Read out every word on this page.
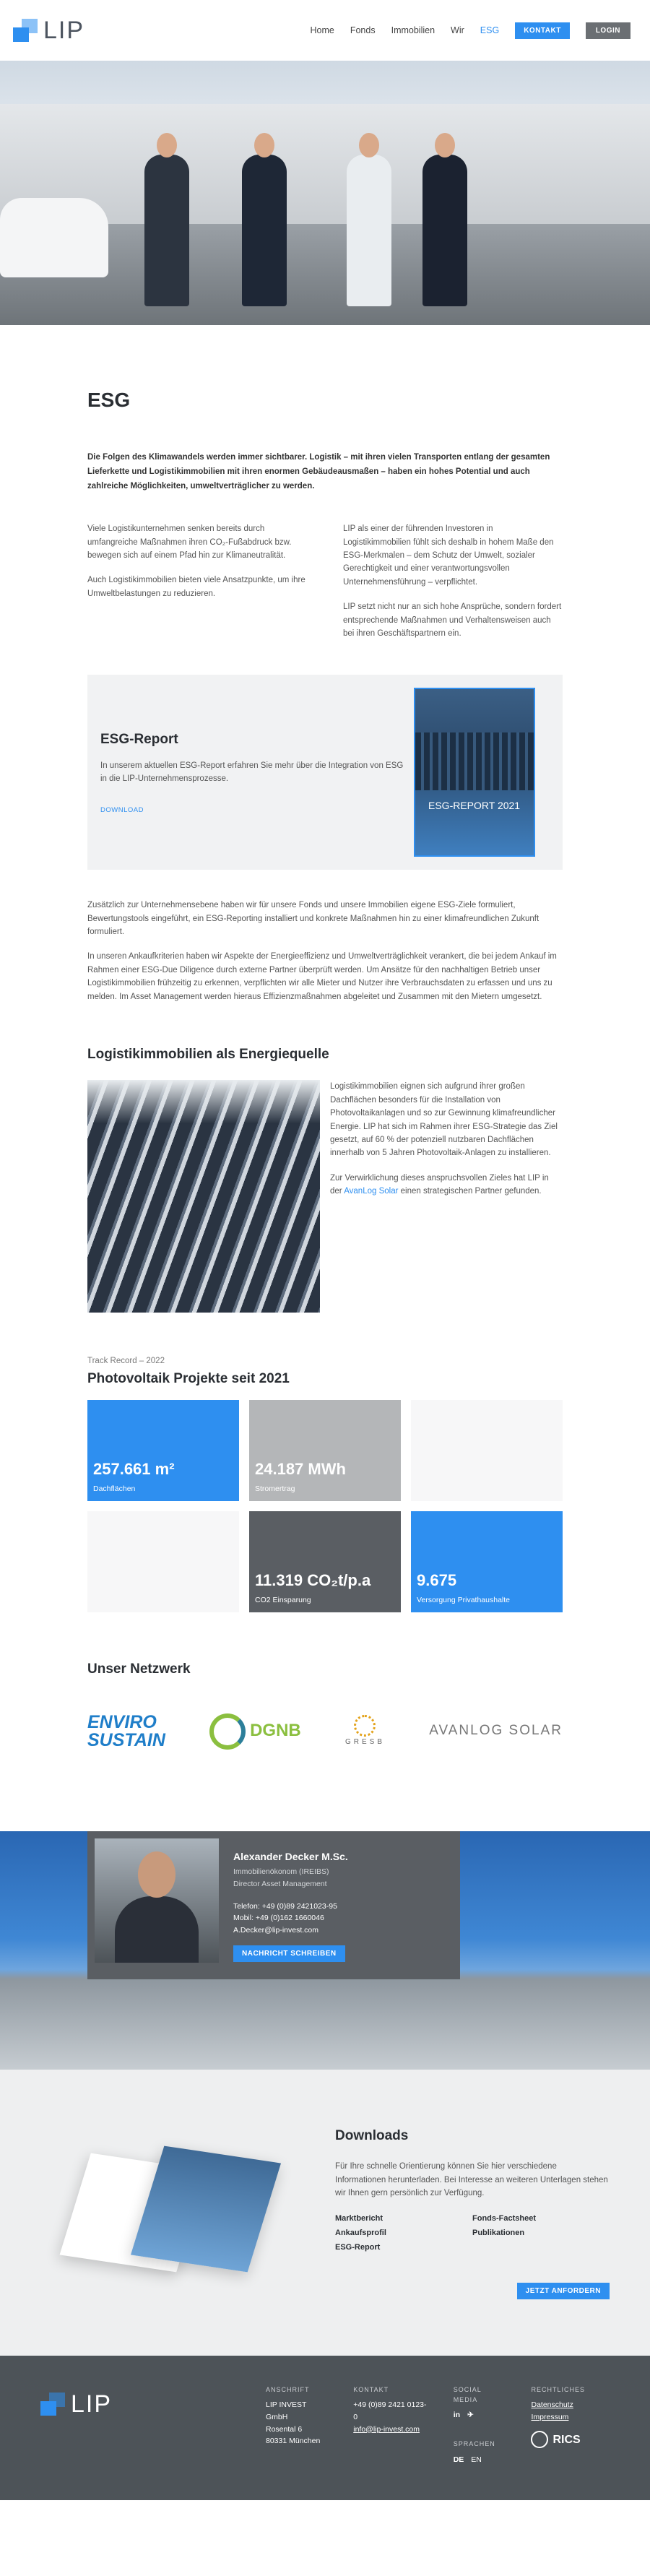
LIP	Home Fonds Immobilien Wir ESG	KONTAKT	LOGIN
ESG

Die Folgen des Klimawandels werden immer sichtbarer. Logistik – mit ihren vielen Transporten entlang der gesamten Lieferkette und Logistikimmobilien mit ihren enormen Gebäudeausmaßen – haben ein hohes Potential und auch zahlreiche Möglichkeiten, umweltverträglicher zu werden.

Viele Logistikunternehmen senken bereits durch umfangreiche Maßnahmen ihren CO₂-Fußabdruck bzw. bewegen sich auf einem Pfad hin zur Klimaneutralität.

Auch Logistikimmobilien bieten viele Ansatzpunkte, um ihre Umweltbelastungen zu reduzieren.

LIP als einer der führenden Investoren in Logistikimmobilien fühlt sich deshalb in hohem Maße den ESG-Merkmalen – dem Schutz der Umwelt, sozialer Gerechtigkeit und einer verantwortungsvollen Unternehmensführung – verpflichtet.

LIP setzt nicht nur an sich hohe Ansprüche, sondern fordert entsprechende Maßnahmen und Verhaltensweisen auch bei ihren Geschäftspartnern ein.

ESG-Report

In unserem aktuellen ESG-Report erfahren Sie mehr über die Integration von ESG in die LIP-Unternehmensprozesse.

DOWNLOAD	ESG-REPORT 2021

Zusätzlich zur Unternehmensebene haben wir für unsere Fonds und unsere Immobilien eigene ESG-Ziele formuliert, Bewertungstools eingeführt, ein ESG-Reporting installiert und konkrete Maßnahmen hin zu einer klimafreundlichen Zukunft formuliert.

In unseren Ankaufkriterien haben wir Aspekte der Energieeffizienz und Umweltverträglichkeit verankert, die bei jedem Ankauf im Rahmen einer ESG-Due Diligence durch externe Partner überprüft werden. Um Ansätze für den nachhaltigen Betrieb unser Logistikimmobilien frühzeitig zu erkennen, verpflichten wir alle Mieter und Nutzer ihre Verbrauchsdaten zu erfassen und uns zu melden. Im Asset Management werden hieraus Effizienzmaßnahmen abgeleitet und Zusammen mit den Mietern umgesetzt.

Logistikimmobilien als Energiequelle

Logistikimmobilien eignen sich aufgrund ihrer großen Dachflächen besonders für die Installation von Photovoltaikanlagen und so zur Gewinnung klimafreundlicher Energie. LIP hat sich im Rahmen ihrer ESG-Strategie das Ziel gesetzt, auf 60 % der potenziell nutzbaren Dachflächen innerhalb von 5 Jahren Photovoltaik-Anlagen zu installieren.

Zur Verwirklichung dieses anspruchsvollen Zieles hat LIP in der AvanLog Solar einen strategischen Partner gefunden.

Track Record – 2022

Photovoltaik Projekte seit 2021
257.661 m²
Dachflächen
24.187 MWh
Stromertrag
11.319 CO₂t/p.a
CO2 Einsparung
9.675
Versorgung Privathaushalte
Unser Netzwerk
ENVIRO
SUSTAIN	DGNB
GRESB
AVANLOG SOLAR
Alexander Decker M.Sc.
Immobilienökonom (IREIBS)
Director Asset Management
Telefon: +49 (0)89 2421023-95
Mobil: +49 (0)162 1660046
A.Decker@lip-invest.com
NACHRICHT SCHREIBEN
Downloads

Für Ihre schnelle Orientierung können Sie hier verschiedene Informationen herunterladen. Bei Interesse an weiteren Unterlagen stehen wir Ihnen gern persönlich zur Verfügung.

Marktbericht	Fonds-Factsheet
Ankaufsprofil	Publikationen
ESG-Report
JETZT ANFORDERN
LIP
ANSCHRIFT
LIP INVEST GmbH
Rosental 6
80331 München
KONTAKT
+49 (0)89 2421 0123-0
info@lip-invest.com
SOCIAL MEDIA
in ✈
SPRACHEN
DE EN
RECHTLICHES
Datenschutz
Impressum
RICS
